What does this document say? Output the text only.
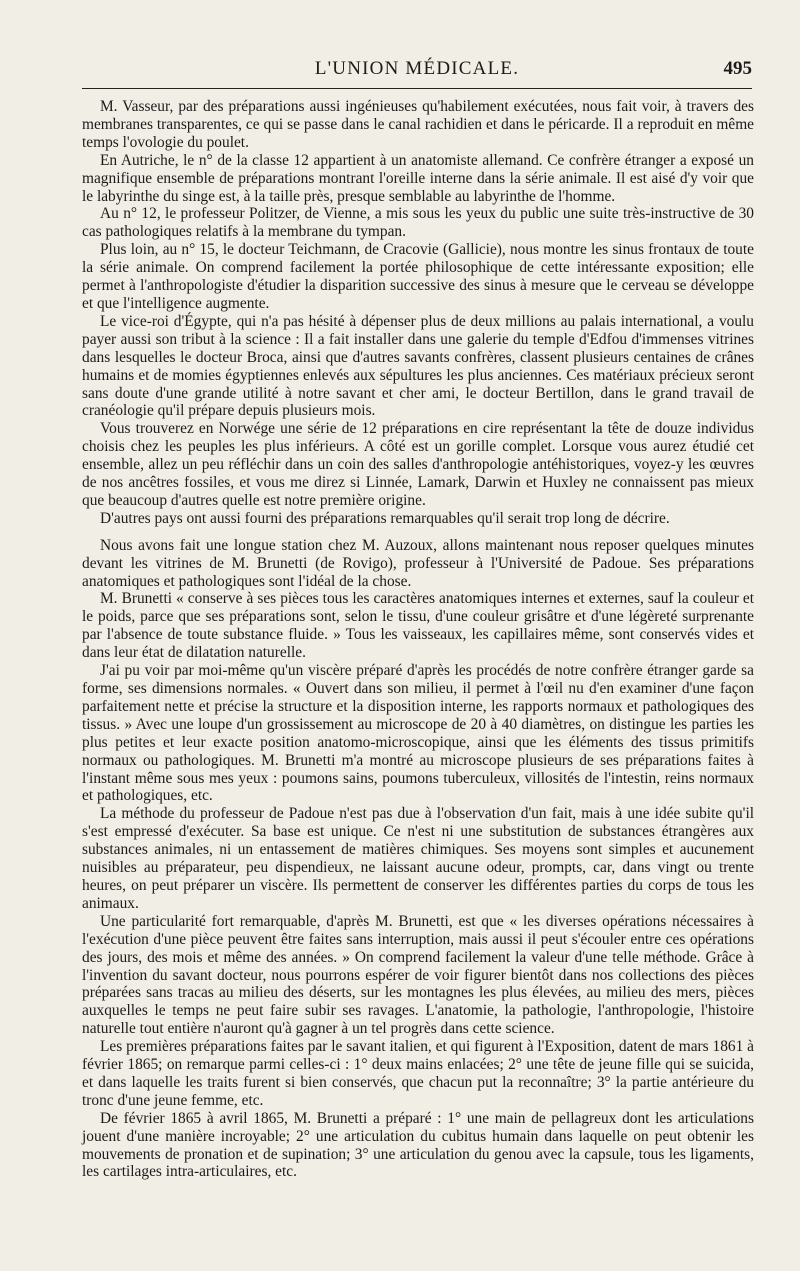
L'UNION MÉDICALE.	495

M. Vasseur, par des préparations aussi ingénieuses qu'habilement exécutées, nous fait voir, à travers des membranes transparentes, ce qui se passe dans le canal rachidien et dans le péricarde. Il a reproduit en même temps l'ovologie du poulet.

En Autriche, le n° de la classe 12 appartient à un anatomiste allemand. Ce confrère étranger a exposé un magnifique ensemble de préparations montrant l'oreille interne dans la série animale. Il est aisé d'y voir que le labyrinthe du singe est, à la taille près, presque semblable au labyrinthe de l'homme.

Au n° 12, le professeur Politzer, de Vienne, a mis sous les yeux du public une suite très-instructive de 30 cas pathologiques relatifs à la membrane du tympan.

Plus loin, au n° 15, le docteur Teichmann, de Cracovie (Gallicie), nous montre les sinus frontaux de toute la série animale. On comprend facilement la portée philosophique de cette intéressante exposition; elle permet à l'anthropologiste d'étudier la disparition successive des sinus à mesure que le cerveau se développe et que l'intelligence augmente.

Le vice-roi d'Égypte, qui n'a pas hésité à dépenser plus de deux millions au palais international, a voulu payer aussi son tribut à la science : Il a fait installer dans une galerie du temple d'Edfou d'immenses vitrines dans lesquelles le docteur Broca, ainsi que d'autres savants confrères, classent plusieurs centaines de crânes humains et de momies égyptiennes enlevés aux sépultures les plus anciennes. Ces matériaux précieux seront sans doute d'une grande utilité à notre savant et cher ami, le docteur Bertillon, dans le grand travail de cranéologie qu'il prépare depuis plusieurs mois.

Vous trouverez en Norwége une série de 12 préparations en cire représentant la tête de douze individus choisis chez les peuples les plus inférieurs. A côté est un gorille complet. Lorsque vous aurez étudié cet ensemble, allez un peu réfléchir dans un coin des salles d'anthropologie antéhistoriques, voyez-y les œuvres de nos ancêtres fossiles, et vous me direz si Linnée, Lamark, Darwin et Huxley ne connaissent pas mieux que beaucoup d'autres quelle est notre première origine.

D'autres pays ont aussi fourni des préparations remarquables qu'il serait trop long de décrire.

Nous avons fait une longue station chez M. Auzoux, allons maintenant nous reposer quelques minutes devant les vitrines de M. Brunetti (de Rovigo), professeur à l'Université de Padoue. Ses préparations anatomiques et pathologiques sont l'idéal de la chose.

M. Brunetti « conserve à ses pièces tous les caractères anatomiques internes et externes, sauf la couleur et le poids, parce que ses préparations sont, selon le tissu, d'une couleur grisâtre et d'une légèreté surprenante par l'absence de toute substance fluide. » Tous les vaisseaux, les capillaires même, sont conservés vides et dans leur état de dilatation naturelle.

J'ai pu voir par moi-même qu'un viscère préparé d'après les procédés de notre confrère étranger garde sa forme, ses dimensions normales. « Ouvert dans son milieu, il permet à l'œil nu d'en examiner d'une façon parfaitement nette et précise la structure et la disposition interne, les rapports normaux et pathologiques des tissus. » Avec une loupe d'un grossissement au microscope de 20 à 40 diamètres, on distingue les parties les plus petites et leur exacte position anatomo-microscopique, ainsi que les éléments des tissus primitifs normaux ou pathologiques. M. Brunetti m'a montré au microscope plusieurs de ses préparations faites à l'instant même sous mes yeux : poumons sains, poumons tuberculeux, villosités de l'intestin, reins normaux et pathologiques, etc.

La méthode du professeur de Padoue n'est pas due à l'observation d'un fait, mais à une idée subite qu'il s'est empressé d'exécuter. Sa base est unique. Ce n'est ni une substitution de substances étrangères aux substances animales, ni un entassement de matières chimiques. Ses moyens sont simples et aucunement nuisibles au préparateur, peu dispendieux, ne laissant aucune odeur, prompts, car, dans vingt ou trente heures, on peut préparer un viscère. Ils permettent de conserver les différentes parties du corps de tous les animaux.

Une particularité fort remarquable, d'après M. Brunetti, est que « les diverses opérations nécessaires à l'exécution d'une pièce peuvent être faites sans interruption, mais aussi il peut s'écouler entre ces opérations des jours, des mois et même des années. » On comprend facilement la valeur d'une telle méthode. Grâce à l'invention du savant docteur, nous pourrons espérer de voir figurer bientôt dans nos collections des pièces préparées sans tracas au milieu des déserts, sur les montagnes les plus élevées, au milieu des mers, pièces auxquelles le temps ne peut faire subir ses ravages. L'anatomie, la pathologie, l'anthropologie, l'histoire naturelle tout entière n'auront qu'à gagner à un tel progrès dans cette science.

Les premières préparations faites par le savant italien, et qui figurent à l'Exposition, datent de mars 1861 à février 1865; on remarque parmi celles-ci : 1° deux mains enlacées; 2° une tête de jeune fille qui se suicida, et dans laquelle les traits furent si bien conservés, que chacun put la reconnaître; 3° la partie antérieure du tronc d'une jeune femme, etc.

De février 1865 à avril 1865, M. Brunetti a préparé : 1° une main de pellagreux dont les articulations jouent d'une manière incroyable; 2° une articulation du cubitus humain dans laquelle on peut obtenir les mouvements de pronation et de supination; 3° une articulation du genou avec la capsule, tous les ligaments, les cartilages intra-articulaires, etc.
